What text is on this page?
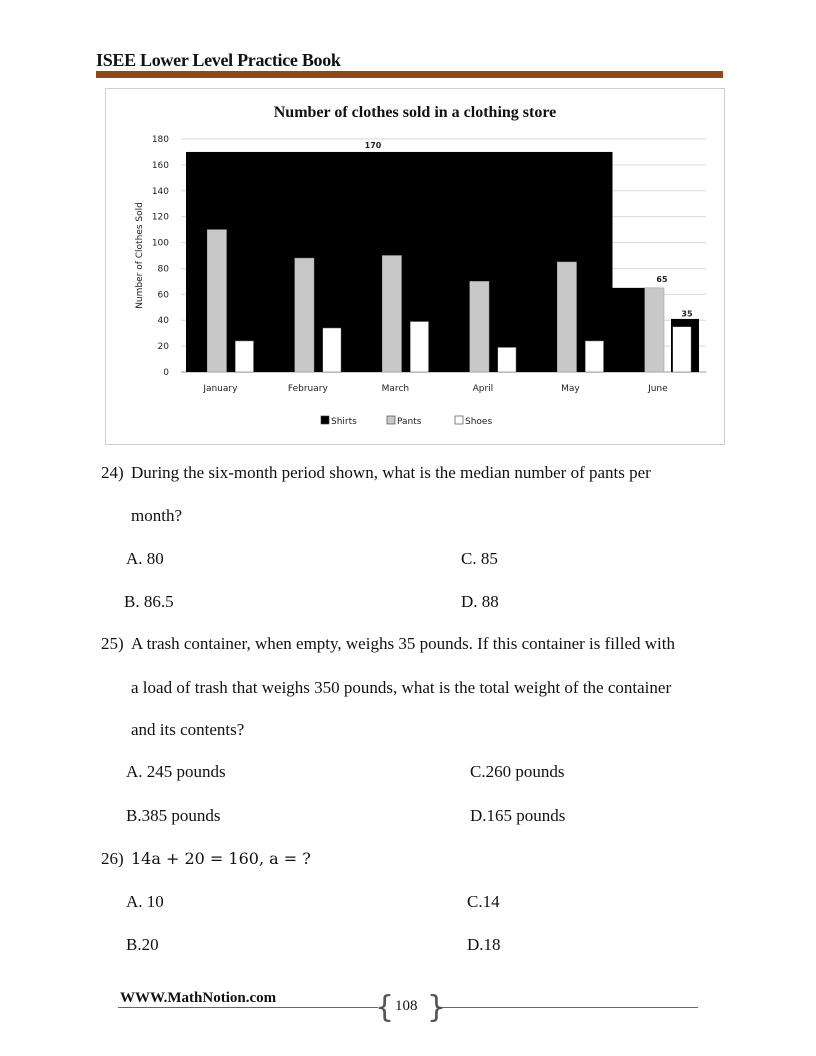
ISEE Lower Level Practice Book
Number of clothes sold in a clothing store
0
20
40
60
80
100
120
140
160
180
Number of Clothes Sold
January	February	March	April	May	June
170
65
35
Shirts	Pants	Shoes
24) During the six-month period shown, what is the median number of pants per
month?
A. 80	C. 85
B. 86.5	D. 88
25) A trash container, when empty, weighs 35 pounds. If this container is filled with
a load of trash that weighs 350 pounds, what is the total weight of the container
and its contents?
A. 245 pounds	C.260 pounds
B.385 pounds	D.165 pounds
26) 14a + 20 = 160, a = ?
A. 10	C.14
B.20	D.18
WWW.MathNotion.com	{ }
108
